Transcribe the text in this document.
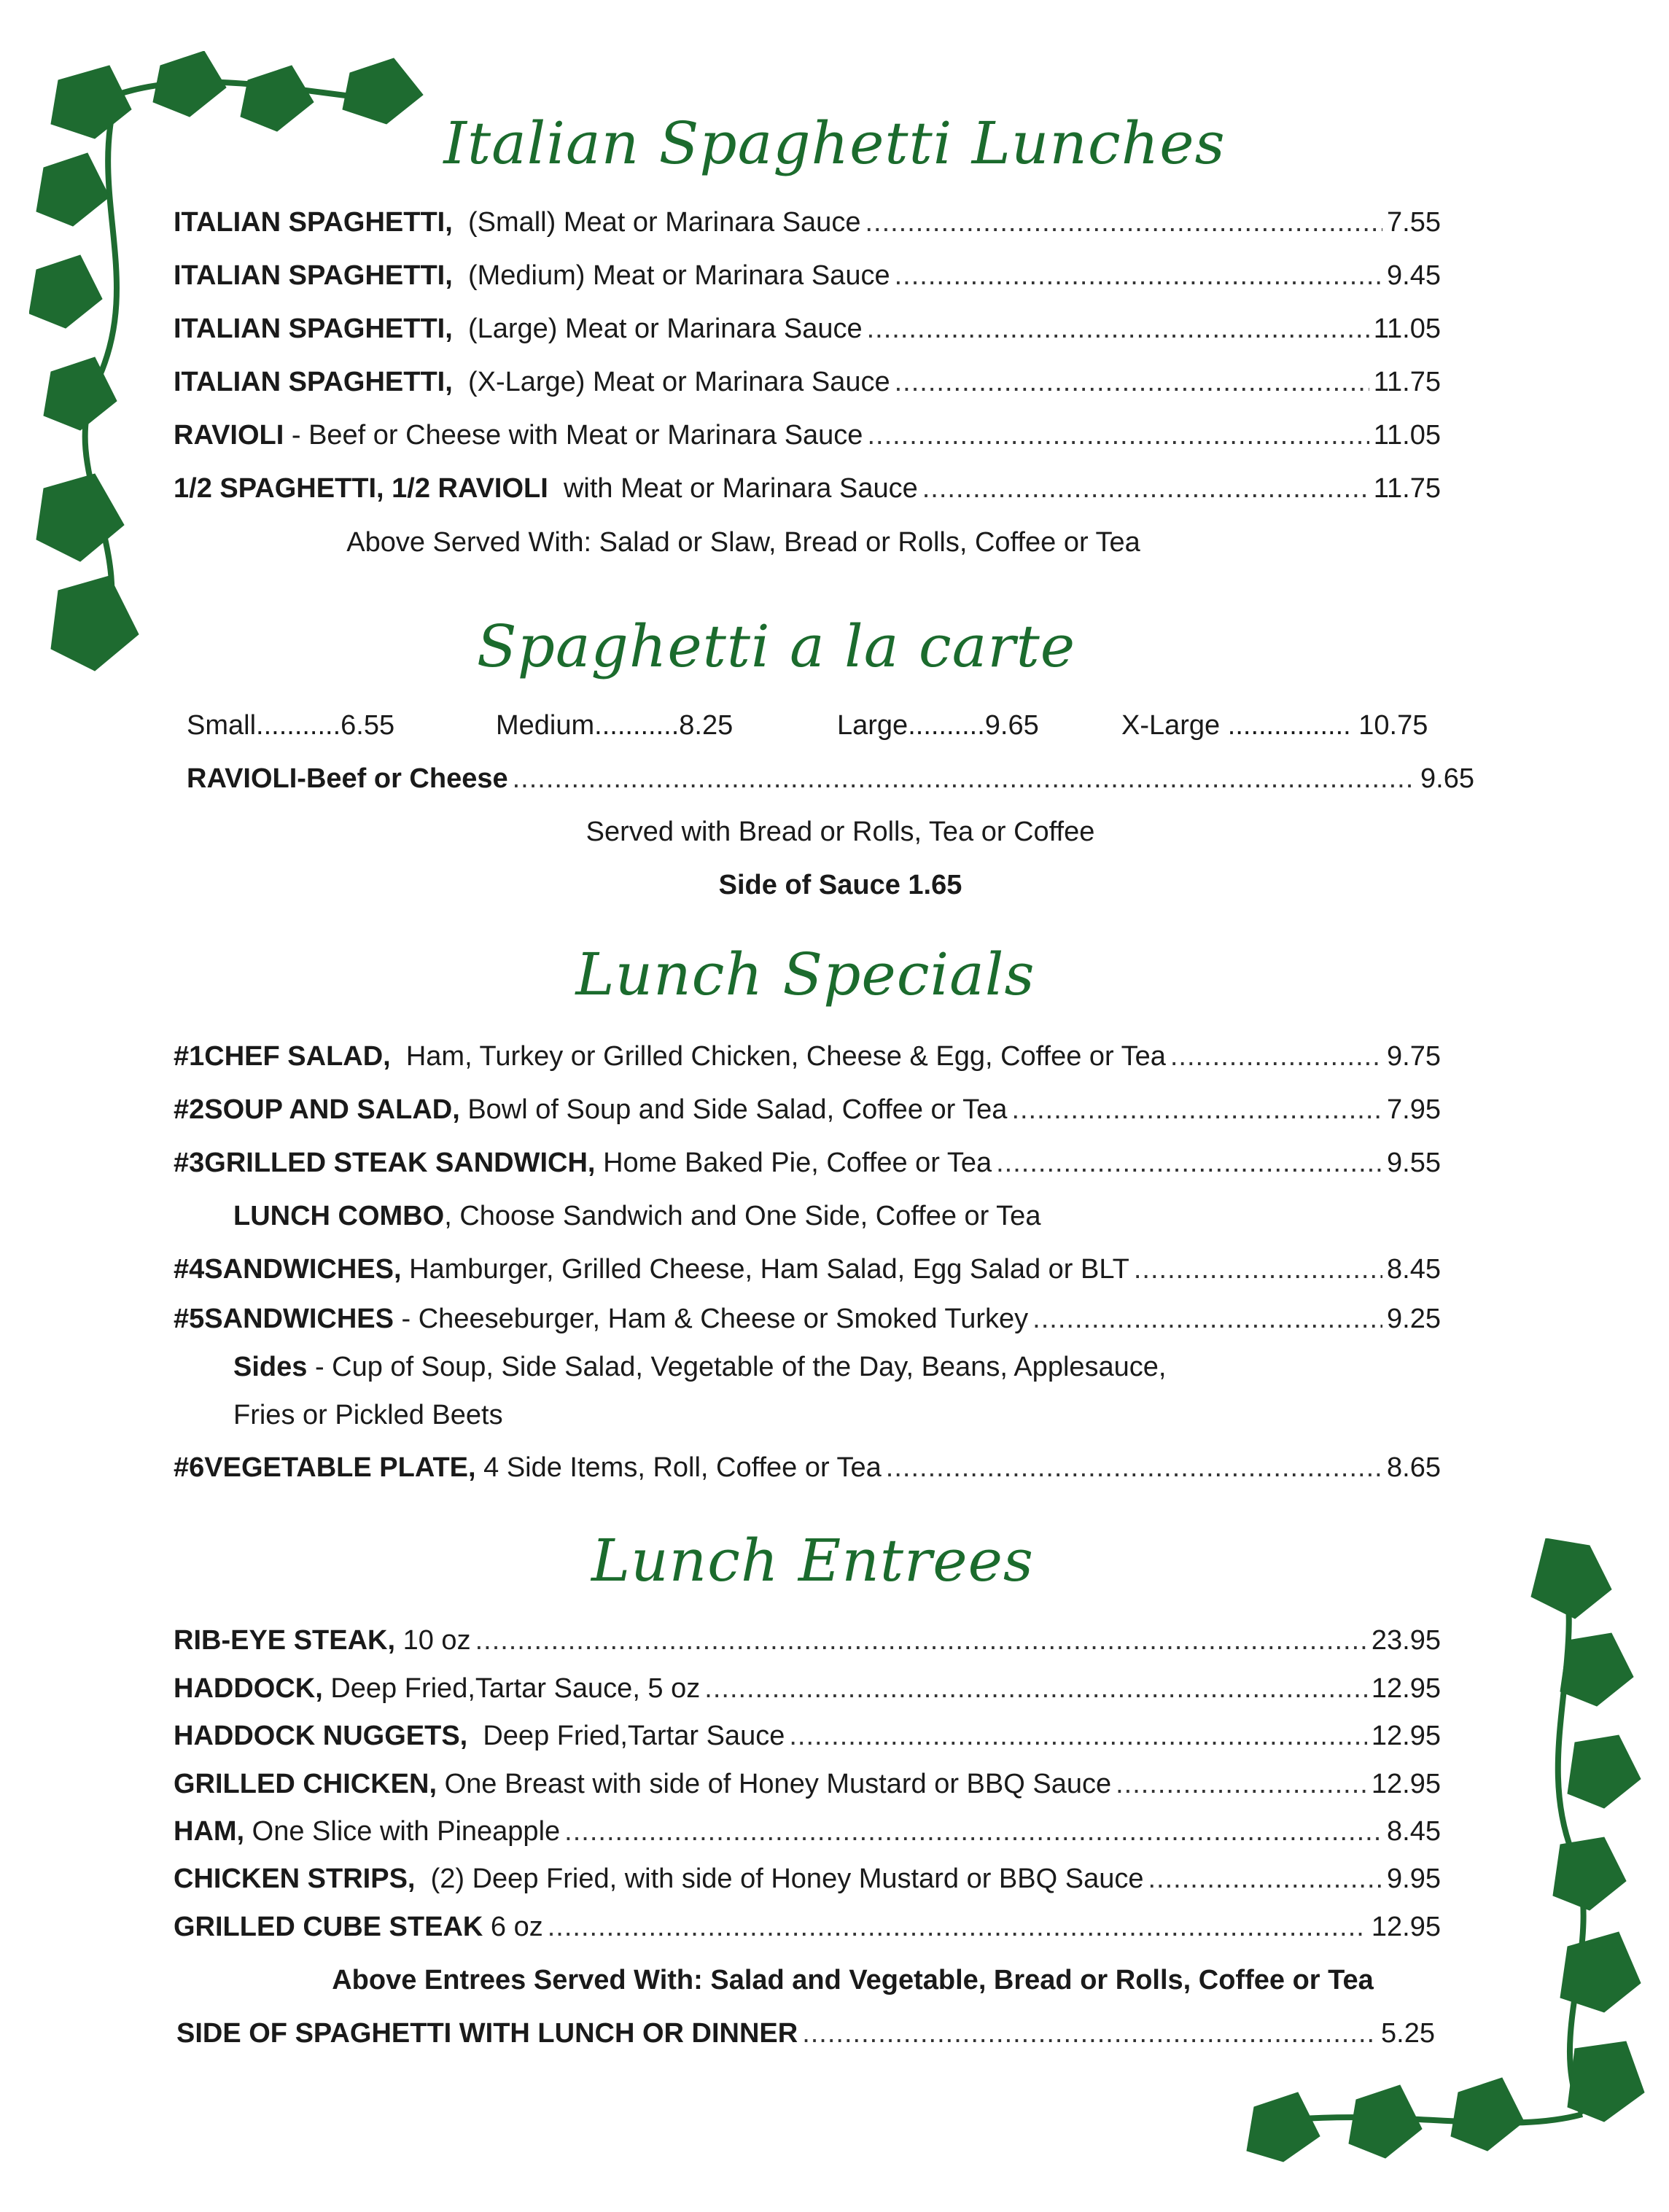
Italian Spaghetti Lunches
ITALIAN SPAGHETTI,
(Small) Meat or Marinara Sauce .....	7.55
ITALIAN SPAGHETTI,
(Medium) Meat or Marinara Sauce .....	9.45
ITALIAN SPAGHETTI,
(Large) Meat or Marinara Sauce .....	11.05
ITALIAN SPAGHETTI,
(X-Large) Meat or Marinara Sauce .....	11.75
RAVIOLI
- Beef or Cheese with Meat or Marinara Sauce .....	11.05
1/2 SPAGHETTI, 1/2 RAVIOLI
with Meat or Marinara Sauce .....	11.75
Above Served With: Salad or Slaw, Bread or Rolls, Coffee or Tea
Spaghetti a la carte
Small...........6.55	Medium...........8.25	Large..........9.65	X-Large ................ 10.75
RAVIOLI-Beef or Cheese .....	9.65
Served with Bread or Rolls, Tea or Coffee
Side of Sauce 1.65
Lunch Specials
#1 CHEF SALAD,
Ham, Turkey or Grilled Chicken, Cheese & Egg, Coffee or Tea .....	9.75
#2 SOUP AND SALAD,
Bowl of Soup and Side Salad, Coffee or Tea .....	7.95
#3 GRILLED STEAK SANDWICH,
Home Baked Pie, Coffee or Tea .....	9.55
LUNCH COMBO, Choose Sandwich and One Side, Coffee or Tea
#4 SANDWICHES,
Hamburger, Grilled Cheese, Ham Salad, Egg Salad or BLT .....	8.45
#5 SANDWICHES
- Cheeseburger, Ham & Cheese or Smoked Turkey .....	9.25
Sides - Cup of Soup, Side Salad, Vegetable of the Day, Beans, Applesauce,
Fries or Pickled Beets
#6 VEGETABLE PLATE,
4 Side Items, Roll, Coffee or Tea .....	8.65
Lunch Entrees
RIB-EYE STEAK,
10 oz .....	23.95
HADDOCK,
Deep Fried,Tartar Sauce, 5 oz .....	12.95
HADDOCK NUGGETS,
Deep Fried,Tartar Sauce .....	12.95
GRILLED CHICKEN,
One Breast with side of Honey Mustard or BBQ Sauce .....	12.95
HAM,
One Slice with Pineapple .....	8.45
CHICKEN STRIPS,
(2) Deep Fried, with side of Honey Mustard or BBQ Sauce .....	9.95
GRILLED CUBE STEAK
6 oz .....	12.95
Above Entrees Served With: Salad and Vegetable, Bread or Rolls, Coffee or Tea
SIDE OF SPAGHETTI WITH LUNCH OR DINNER .....	5.25
